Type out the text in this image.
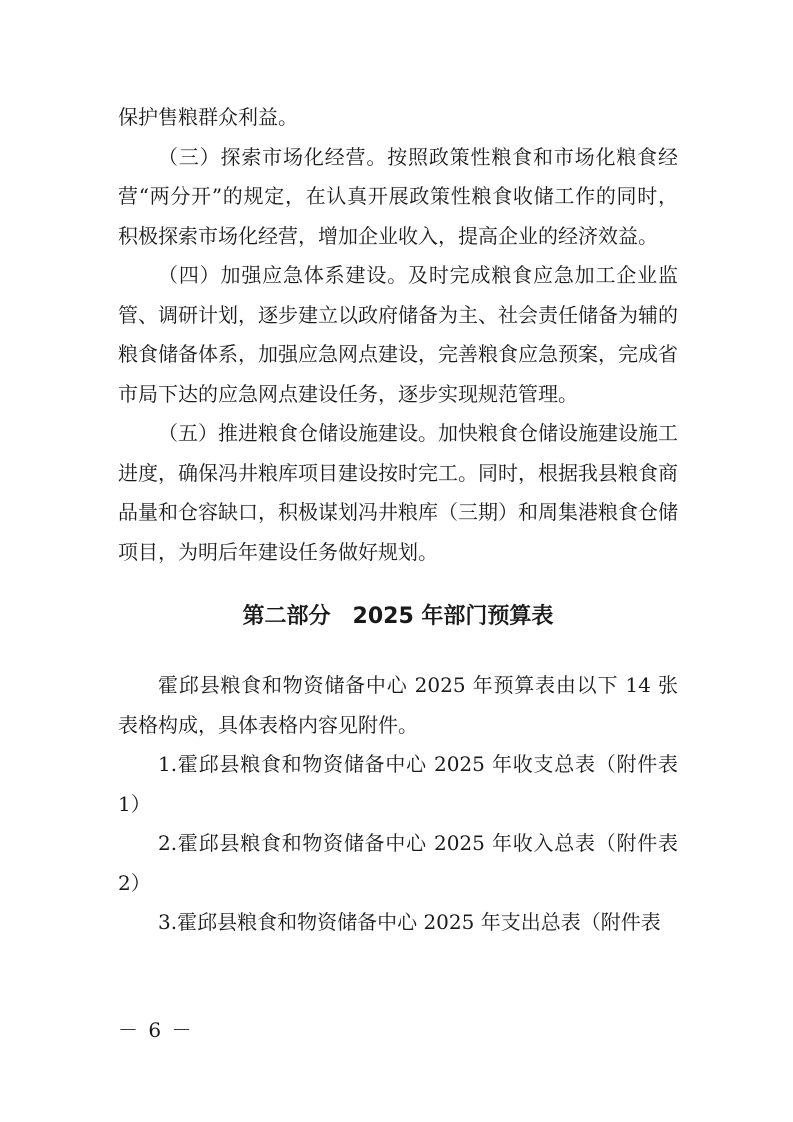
保护售粮群众利益。

（三）探索市场化经营。按照政策性粮食和市场化粮食经营“两分开”的规定，在认真开展政策性粮食收储工作的同时，积极探索市场化经营，增加企业收入，提高企业的经济效益。

（四）加强应急体系建设。及时完成粮食应急加工企业监管、调研计划，逐步建立以政府储备为主、社会责任储备为辅的粮食储备体系，加强应急网点建设，完善粮食应急预案，完成省市局下达的应急网点建设任务，逐步实现规范管理。

（五）推进粮食仓储设施建设。加快粮食仓储设施建设施工进度，确保冯井粮库项目建设按时完工。同时，根据我县粮食商品量和仓容缺口，积极谋划冯井粮库（三期）和周集港粮食仓储项目，为明后年建设任务做好规划。

第二部分　2025 年部门预算表

霍邱县粮食和物资储备中心 2025 年预算表由以下 14 张表格构成，具体表格内容见附件。

1.霍邱县粮食和物资储备中心 2025 年收支总表（附件表1）

2.霍邱县粮食和物资储备中心 2025 年收入总表（附件表2）

3.霍邱县粮食和物资储备中心 2025 年支出总表（附件表

－ 6 －
